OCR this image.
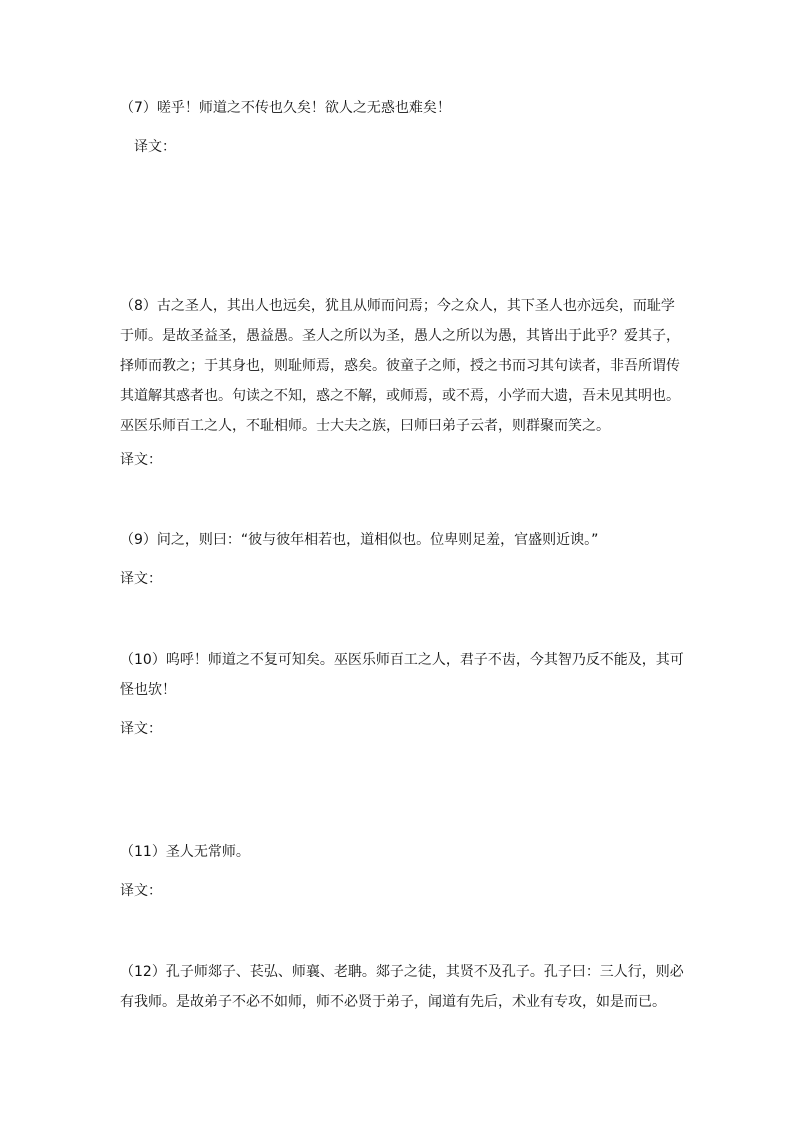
（7）嗟乎！师道之不传也久矣！欲人之无惑也难矣！
译文：
（8）古之圣人，其出人也远矣，犹且从师而问焉；今之众人，其下圣人也亦远矣，而耻学
于师。是故圣益圣，愚益愚。圣人之所以为圣，愚人之所以为愚，其皆出于此乎？爱其子，
择师而教之；于其身也，则耻师焉，惑矣。彼童子之师，授之书而习其句读者，非吾所谓传
其道解其惑者也。句读之不知，惑之不解，或师焉，或不焉，小学而大遗，吾未见其明也。
巫医乐师百工之人，不耻相师。士大夫之族，曰师曰弟子云者，则群聚而笑之。
译文：
（9）问之，则曰：“彼与彼年相若也，道相似也。位卑则足羞，官盛则近谀。”
译文：
（10）呜呼！师道之不复可知矣。巫医乐师百工之人，君子不齿，今其智乃反不能及，其可
怪也欤！
译文：
（11）圣人无常师。
译文：
（12）孔子师郯子、苌弘、师襄、老聃。郯子之徒，其贤不及孔子。孔子曰：三人行，则必
有我师。是故弟子不必不如师，师不必贤于弟子，闻道有先后，术业有专攻，如是而已。
